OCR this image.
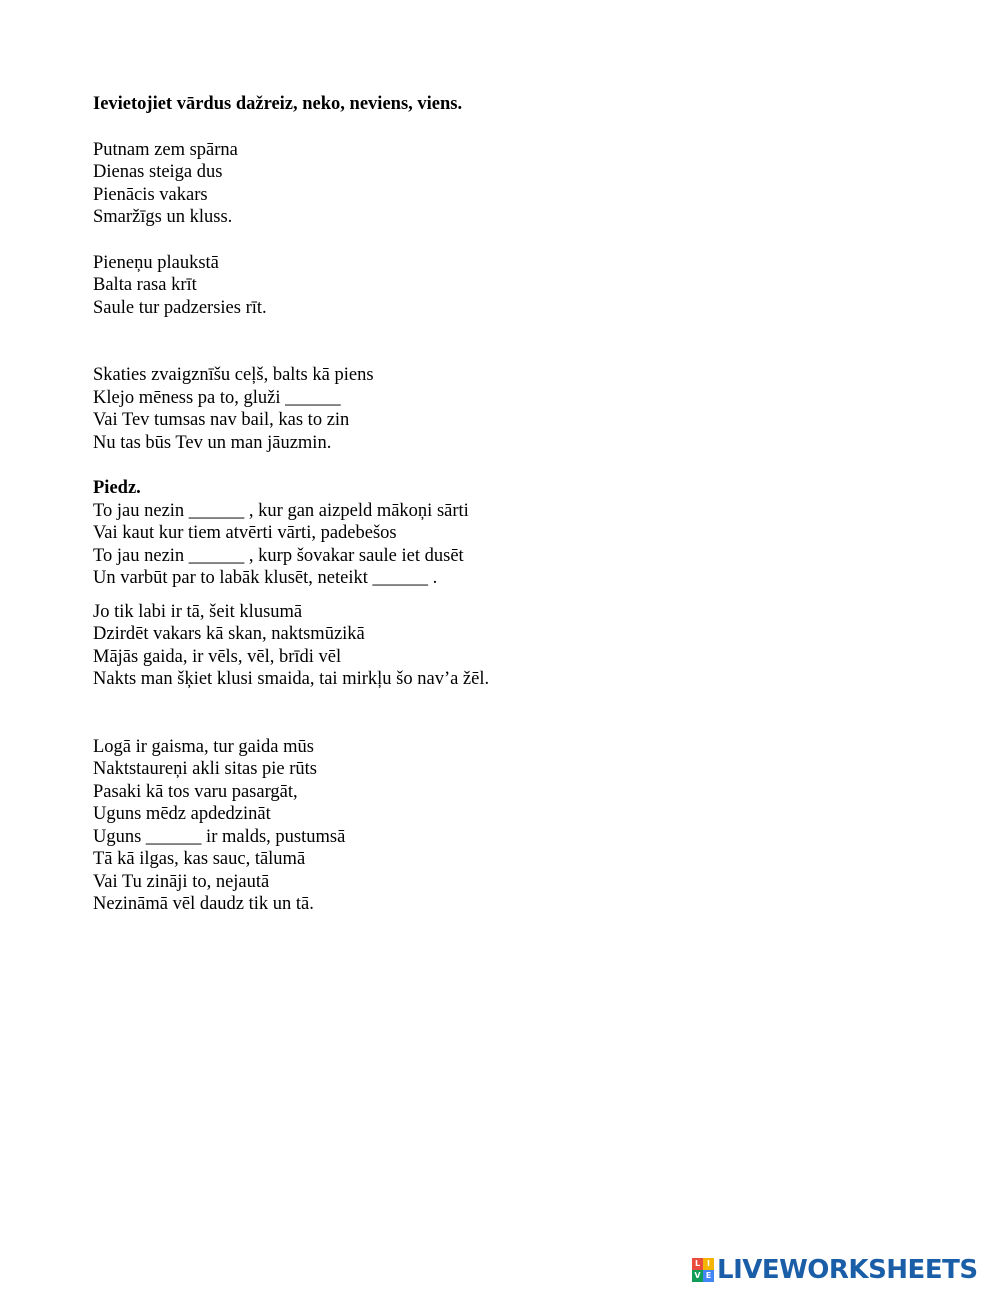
Ievietojiet vārdus dažreiz, neko, neviens, viens.
Putnam zem spārna
Dienas steiga dus
Pienācis vakars
Smaržīgs un kluss.
Pieneņu plaukstā
Balta rasa krīt
Saule tur padzersies rīt.
Skaties zvaigznīšu ceļš, balts kā piens
Klejo mēness pa to, gluži ______
Vai Tev tumsas nav bail, kas to zin
Nu tas būs Tev un man jāuzmin.
Piedz.
To jau nezin ______ , kur gan aizpeld mākoņi sārti
Vai kaut kur tiem atvērti vārti, padebešos
To jau nezin ______ , kurp šovakar saule iet dusēt
Un varbūt par to labāk klusēt, neteikt ______ .
Jo tik labi ir tā, šeit klusumā
Dzirdēt vakars kā skan, naktsmūzikā
Mājās gaida, ir vēls, vēl, brīdi vēl
Nakts man šķiet klusi smaida, tai mirkļu šo nav’a žēl.
Logā ir gaisma, tur gaida mūs
Naktstaureņi akli sitas pie rūts
Pasaki kā tos varu pasargāt,
Uguns mēdz apdedzināt
Uguns ______ ir malds, pustumsā
Tā kā ilgas, kas sauc, tālumā
Vai Tu zināji to, nejautā
Nezināmā vēl daudz tik un tā.
L I
V E LIVEWORKSHEETS
